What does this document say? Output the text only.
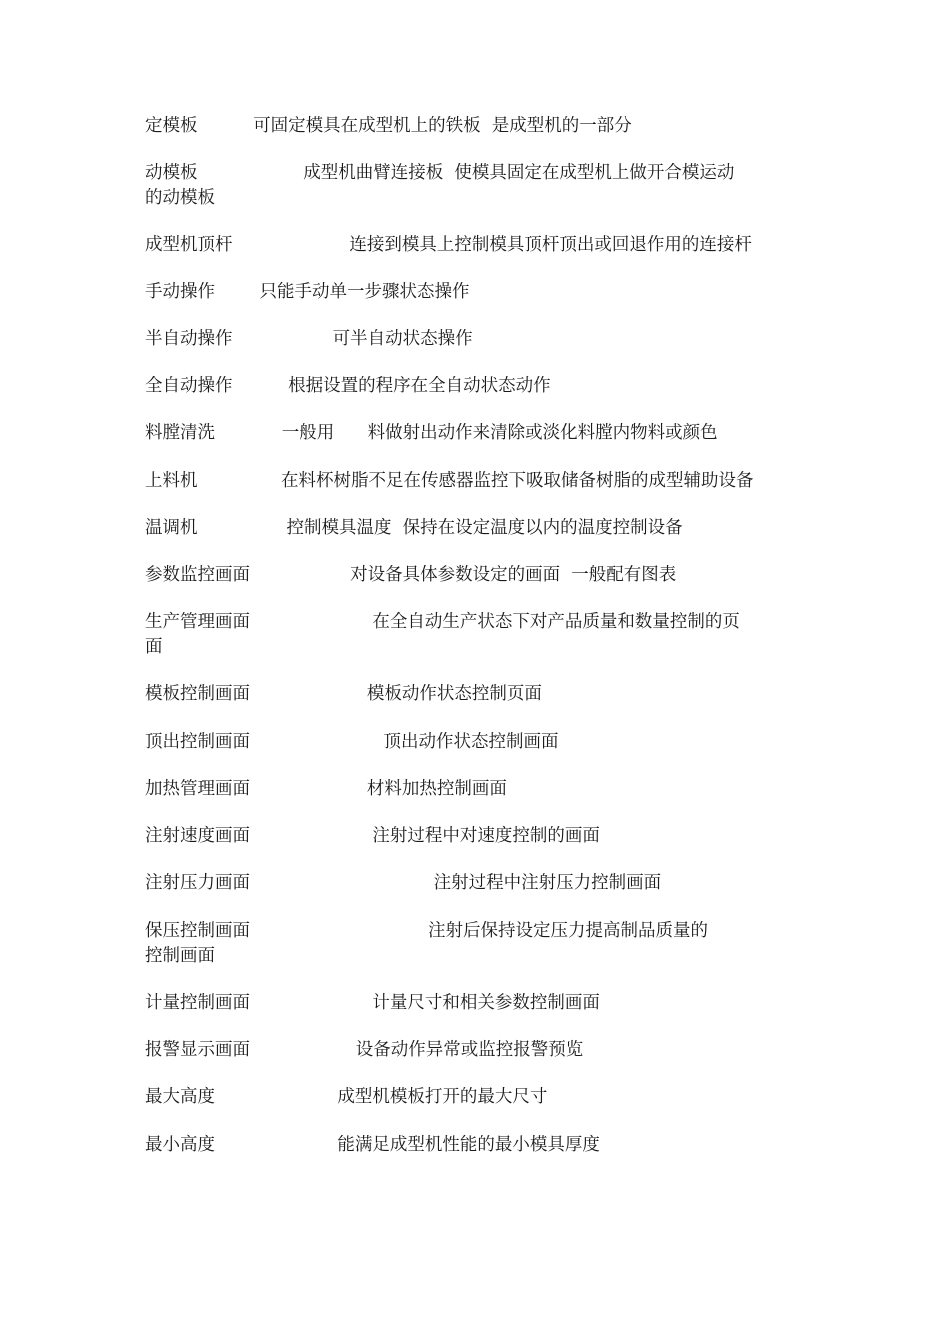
定模板          可固定模具在成型机上的铁板  是成型机的一部分
动模板                   成型机曲臂连接板  使模具固定在成型机上做开合模运动
的动模板
成型机顶杆                     连接到模具上控制模具顶杆顶出或回退作用的连接杆
手动操作        只能手动单一步骤状态操作
半自动操作                  可半自动状态操作
全自动操作          根据设置的程序在全自动状态动作
料膛清洗            一般用      料做射出动作来清除或淡化料膛内物料或颜色
上料机               在料杯树脂不足在传感器监控下吸取储备树脂的成型辅助设备
温调机                控制模具温度  保持在设定温度以内的温度控制设备
参数监控画面                  对设备具体参数设定的画面  一般配有图表
生产管理画面                      在全自动生产状态下对产品质量和数量控制的页
面
模板控制画面                     模板动作状态控制页面
顶出控制画面                        顶出动作状态控制画面
加热管理画面                     材料加热控制画面
注射速度画面                      注射过程中对速度控制的画面
注射压力画面                                 注射过程中注射压力控制画面
保压控制画面                                注射后保持设定压力提高制品质量的
控制画面
计量控制画面                      计量尺寸和相关参数控制画面
报警显示画面                   设备动作异常或监控报警预览
最大高度                      成型机模板打开的最大尺寸
最小高度                      能满足成型机性能的最小模具厚度
